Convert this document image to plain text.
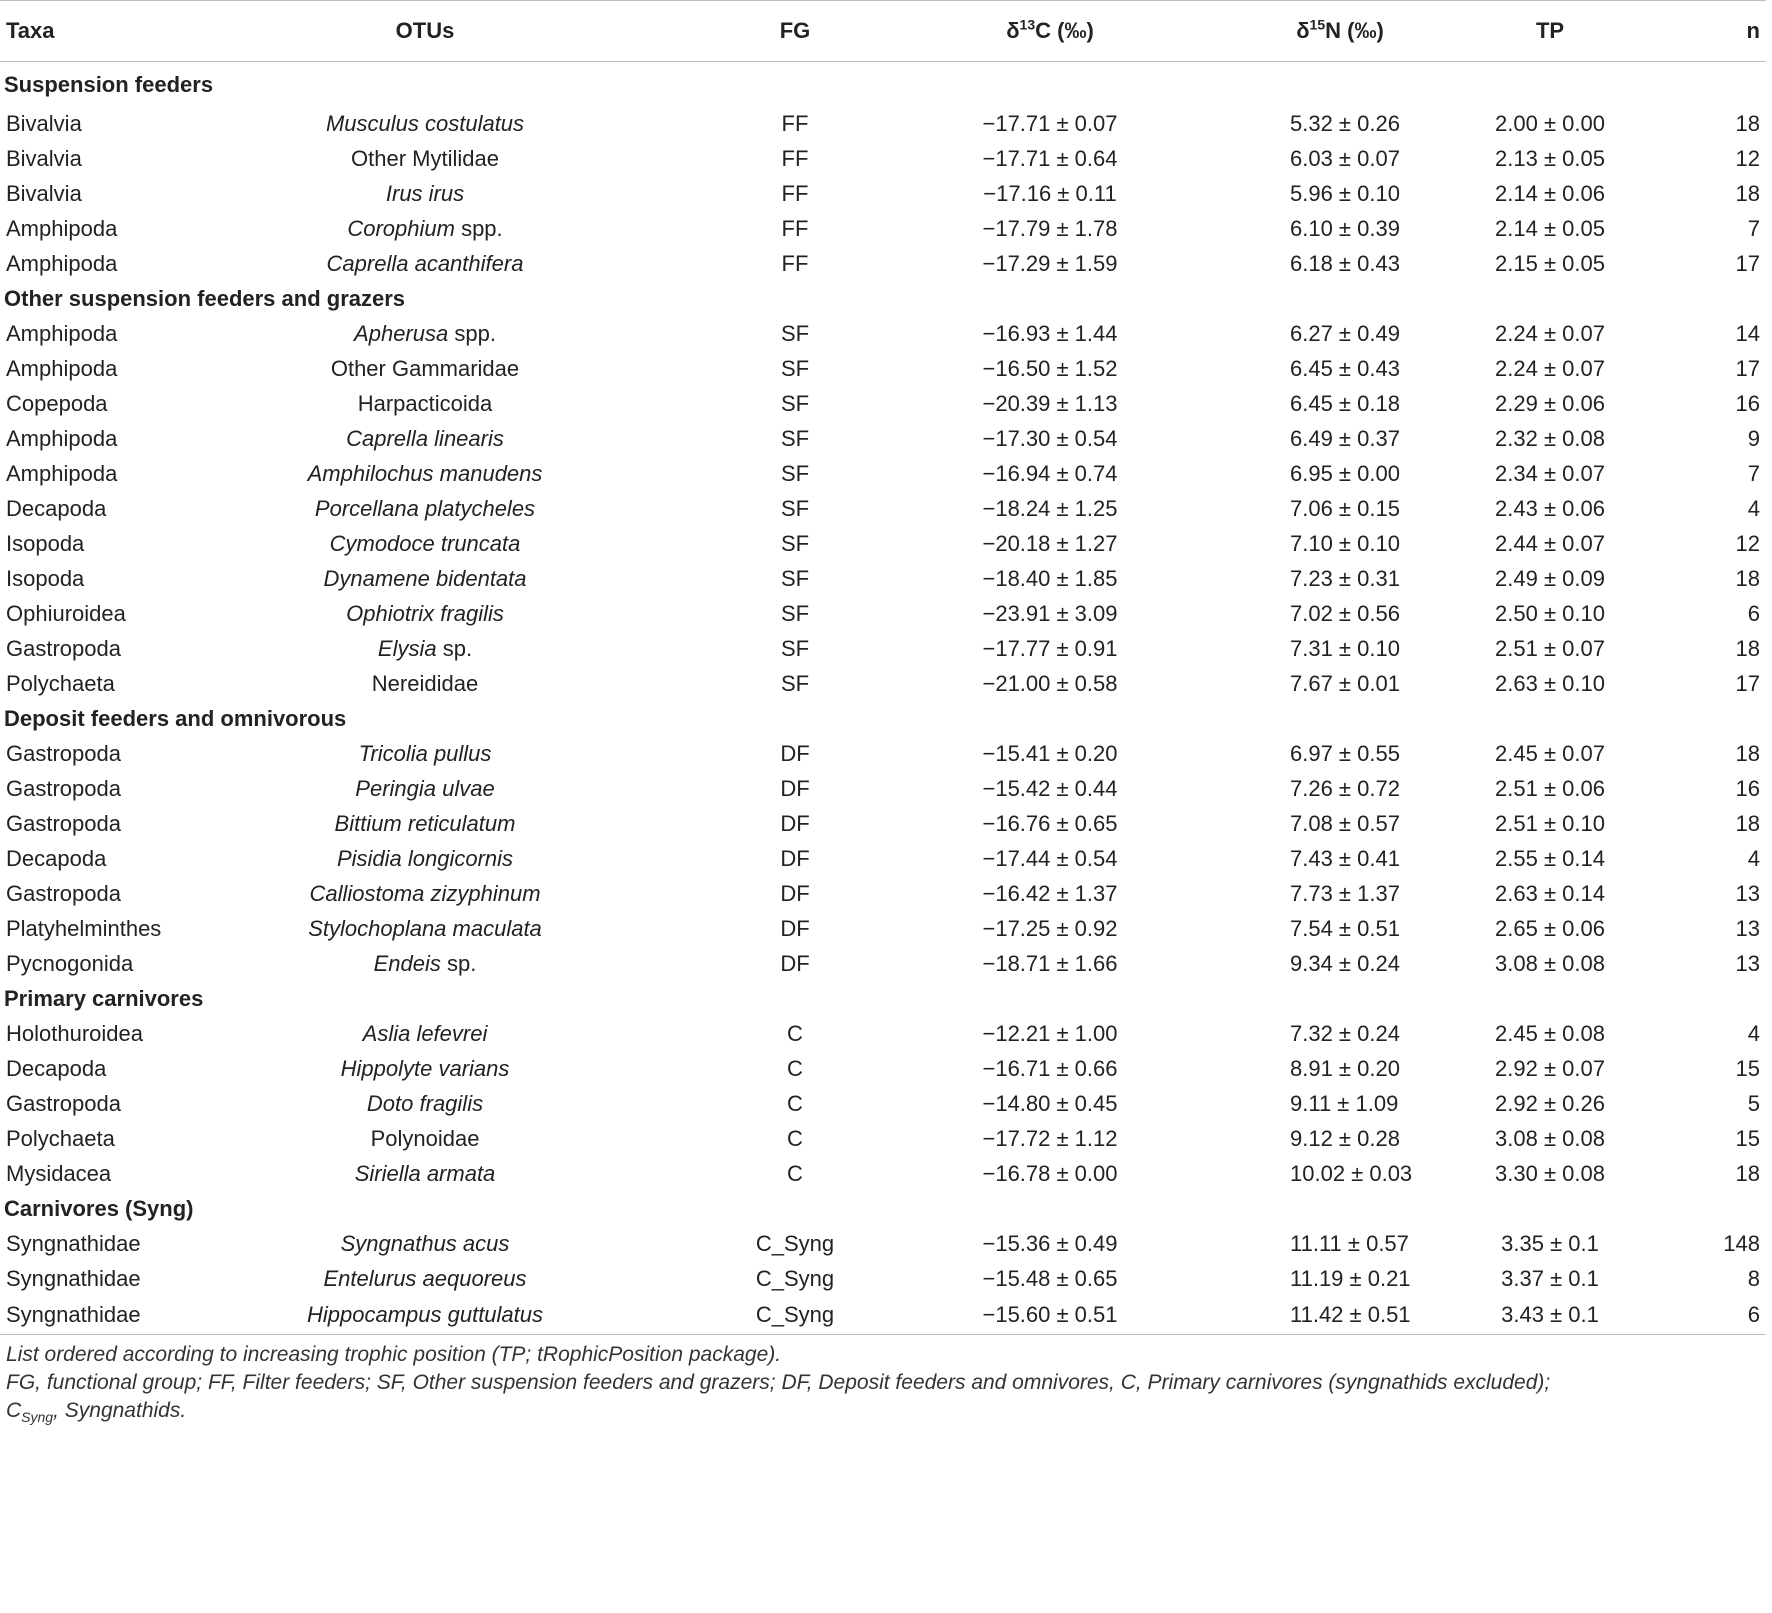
Taxa	OTUs	FG	$\delta^{13}C$ (‰)	$\delta^{15}N$ (‰)	TP	n
Suspension feeders						
Bivalvia	Musculus costulatus	FF	−17.71 ± 0.07	5.32 ± 0.26	2.00 ± 0.00	18
Bivalvia	Other Mytilidae	FF	−17.71 ± 0.64	6.03 ± 0.07	2.13 ± 0.05	12
Bivalvia	Irus irus	FF	−17.16 ± 0.11	5.96 ± 0.10	2.14 ± 0.06	18
Amphipoda	Corophium spp.	FF	−17.79 ± 1.78	6.10 ± 0.39	2.14 ± 0.05	7
Amphipoda	Caprella acanthifera	FF	−17.29 ± 1.59	6.18 ± 0.43	2.15 ± 0.05	17
Other suspension feeders and grazers						
Amphipoda	Apherusa spp.	SF	−16.93 ± 1.44	6.27 ± 0.49	2.24 ± 0.07	14
Amphipoda	Other Gammaridae	SF	−16.50 ± 1.52	6.45 ± 0.43	2.24 ± 0.07	17
Copepoda	Harpacticoida	SF	−20.39 ± 1.13	6.45 ± 0.18	2.29 ± 0.06	16
Amphipoda	Caprella linearis	SF	−17.30 ± 0.54	6.49 ± 0.37	2.32 ± 0.08	9
Amphipoda	Amphilochus manudens	SF	−16.94 ± 0.74	6.95 ± 0.00	2.34 ± 0.07	7
Decapoda	Porcellana platycheles	SF	−18.24 ± 1.25	7.06 ± 0.15	2.43 ± 0.06	4
Isopoda	Cymodoce truncata	SF	−20.18 ± 1.27	7.10 ± 0.10	2.44 ± 0.07	12
Isopoda	Dynamene bidentata	SF	−18.40 ± 1.85	7.23 ± 0.31	2.49 ± 0.09	18
Ophiuroidea	Ophiotrix fragilis	SF	−23.91 ± 3.09	7.02 ± 0.56	2.50 ± 0.10	6
Gastropoda	Elysia sp.	SF	−17.77 ± 0.91	7.31 ± 0.10	2.51 ± 0.07	18
Polychaeta	Nereididae	SF	−21.00 ± 0.58	7.67 ± 0.01	2.63 ± 0.10	17
Deposit feeders and omnivorous						
Gastropoda	Tricolia pullus	DF	−15.41 ± 0.20	6.97 ± 0.55	2.45 ± 0.07	18
Gastropoda	Peringia ulvae	DF	−15.42 ± 0.44	7.26 ± 0.72	2.51 ± 0.06	16
Gastropoda	Bittium reticulatum	DF	−16.76 ± 0.65	7.08 ± 0.57	2.51 ± 0.10	18
Decapoda	Pisidia longicornis	DF	−17.44 ± 0.54	7.43 ± 0.41	2.55 ± 0.14	4
Gastropoda	Calliostoma zizyphinum	DF	−16.42 ± 1.37	7.73 ± 1.37	2.63 ± 0.14	13
Platyhelminthes	Stylochoplana maculata	DF	−17.25 ± 0.92	7.54 ± 0.51	2.65 ± 0.06	13
Pycnogonida	Endeis sp.	DF	−18.71 ± 1.66	9.34 ± 0.24	3.08 ± 0.08	13
Primary carnivores						
Holothuroidea	Aslia lefevrei	C	−12.21 ± 1.00	7.32 ± 0.24	2.45 ± 0.08	4
Decapoda	Hippolyte varians	C	−16.71 ± 0.66	8.91 ± 0.20	2.92 ± 0.07	15
Gastropoda	Doto fragilis	C	−14.80 ± 0.45	9.11 ± 1.09	2.92 ± 0.26	5
Polychaeta	Polynoidae	C	−17.72 ± 1.12	9.12 ± 0.28	3.08 ± 0.08	15
Mysidacea	Siriella armata	C	−16.78 ± 0.00	10.02 ± 0.03	3.30 ± 0.08	18
Carnivores (Syng)						
Syngnathidae	Syngnathus acus	C_Syng	−15.36 ± 0.49	11.11 ± 0.57	3.35 ± 0.1	148
Syngnathidae	Entelurus aequoreus	C_Syng	−15.48 ± 0.65	11.19 ± 0.21	3.37 ± 0.1	8
Syngnathidae	Hippocampus guttulatus	C_Syng	−15.60 ± 0.51	11.42 ± 0.51	3.43 ± 0.1	6

List ordered according to increasing trophic position (TP; tRophicPosition package).

FG, functional group; FF, Filter feeders; SF, Other suspension feeders and grazers; DF, Deposit feeders and omnivores, C, Primary carnivores (syngnathids excluded);

$C_{Syng}$, Syngnathids.
